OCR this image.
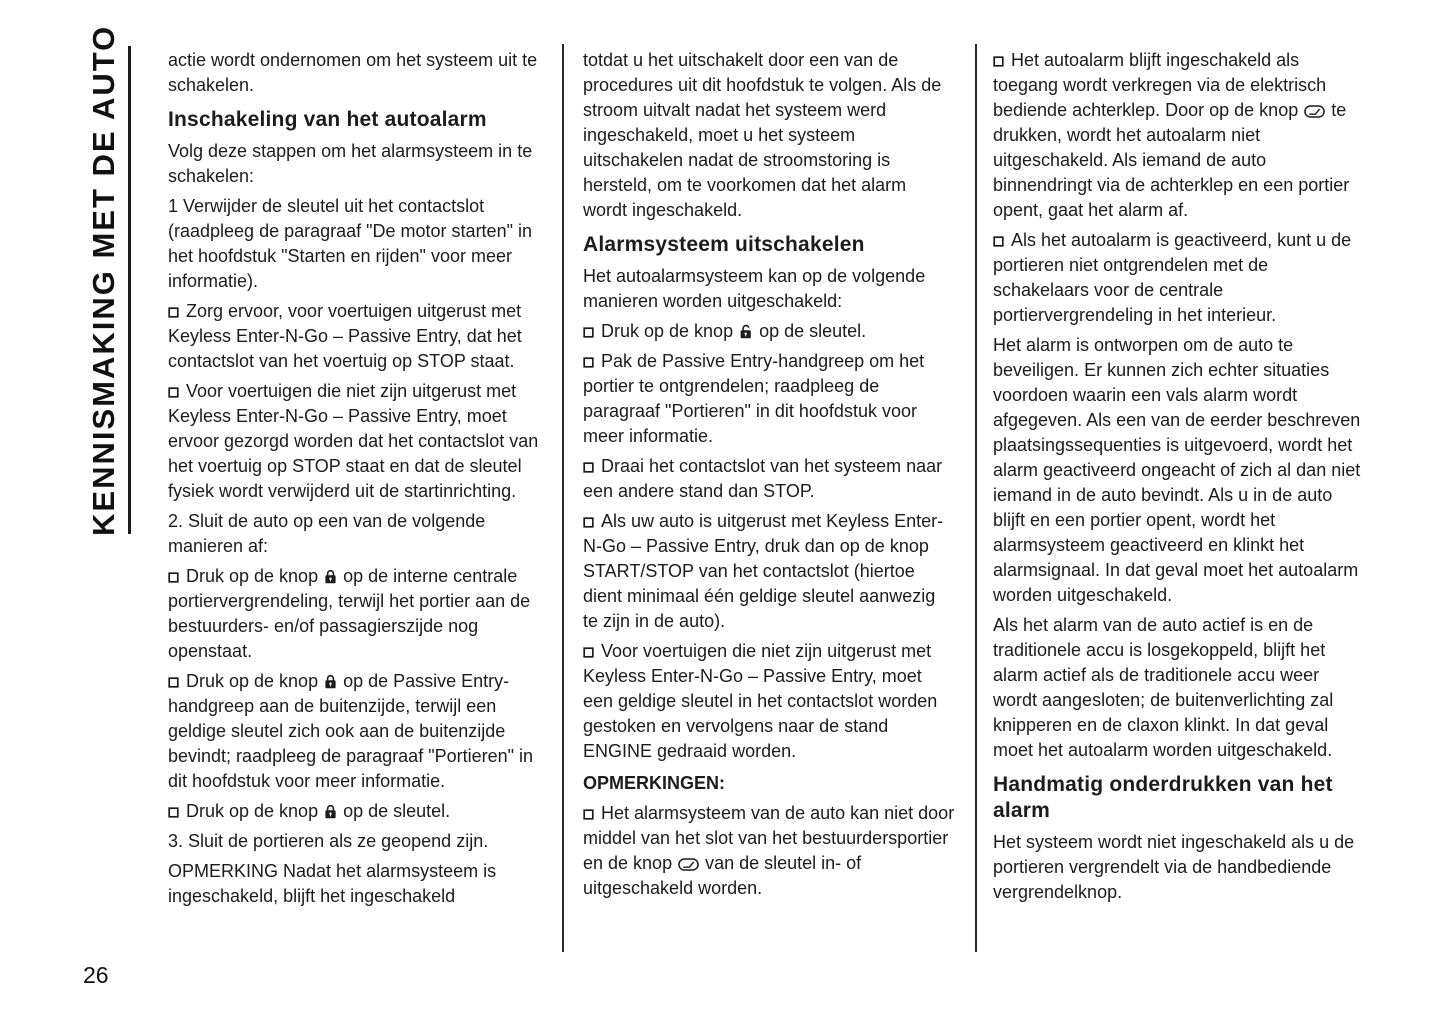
KENNISMAKING MET DE AUTO	actie wordt ondernomen om het systeem uit te schakelen.

Inschakeling van het autoalarm

Volg deze stappen om het alarmsysteem in te schakelen:

1 Verwijder de sleutel uit het contactslot (raadpleeg de paragraaf "De motor starten" in het hoofdstuk "Starten en rijden" voor meer informatie).

Zorg ervoor, voor voertuigen uitgerust met Keyless Enter-N-Go – Passive Entry, dat het contactslot van het voertuig op STOP staat.

Voor voertuigen die niet zijn uitgerust met Keyless Enter-N-Go – Passive Entry, moet ervoor gezorgd worden dat het contactslot van het voertuig op STOP staat en dat de sleutel fysiek wordt verwijderd uit de startinrichting.

2. Sluit de auto op een van de volgende manieren af:

Druk op de knop  op de interne centrale portiervergrendeling, terwijl het portier aan de bestuurders- en/of passagierszijde nog openstaat.

Druk op de knop  op de Passive Entry-handgreep aan de buitenzijde, terwijl een geldige sleutel zich ook aan de buitenzijde bevindt; raadpleeg de paragraaf "Portieren" in dit hoofdstuk voor meer informatie.

Druk op de knop  op de sleutel.

3. Sluit de portieren als ze geopend zijn.

OPMERKING Nadat het alarmsysteem is ingeschakeld, blijft het ingeschakeld

totdat u het uitschakelt door een van de procedures uit dit hoofdstuk te volgen. Als de stroom uitvalt nadat het systeem werd ingeschakeld, moet u het systeem uitschakelen nadat de stroomstoring is hersteld, om te voorkomen dat het alarm wordt ingeschakeld.

Alarmsysteem uitschakelen

Het autoalarmsysteem kan op de volgende manieren worden uitgeschakeld:

Druk op de knop  op de sleutel.

Pak de Passive Entry-handgreep om het portier te ontgrendelen; raadpleeg de paragraaf "Portieren" in dit hoofdstuk voor meer informatie.

Draai het contactslot van het systeem naar een andere stand dan STOP.

Als uw auto is uitgerust met Keyless Enter-N-Go – Passive Entry, druk dan op de knop START/STOP van het contactslot (hiertoe dient minimaal één geldige sleutel aanwezig te zijn in de auto).

Voor voertuigen die niet zijn uitgerust met Keyless Enter-N-Go – Passive Entry, moet een geldige sleutel in het contactslot worden gestoken en vervolgens naar de stand ENGINE gedraaid worden.

OPMERKINGEN:

Het alarmsysteem van de auto kan niet door middel van het slot van het bestuurdersportier en de knop  van de sleutel in- of uitgeschakeld worden.

Het autoalarm blijft ingeschakeld als toegang wordt verkregen via de elektrisch bediende achterklep. Door op de knop  te drukken, wordt het autoalarm niet uitgeschakeld. Als iemand de auto binnendringt via de achterklep en een portier opent, gaat het alarm af.

Als het autoalarm is geactiveerd, kunt u de portieren niet ontgrendelen met de schakelaars voor de centrale portiervergrendeling in het interieur.

Het alarm is ontworpen om de auto te beveiligen. Er kunnen zich echter situaties voordoen waarin een vals alarm wordt afgegeven. Als een van de eerder beschreven plaatsingssequenties is uitgevoerd, wordt het alarm geactiveerd ongeacht of zich al dan niet iemand in de auto bevindt. Als u in de auto blijft en een portier opent, wordt het alarmsysteem geactiveerd en klinkt het alarmsignaal. In dat geval moet het autoalarm worden uitgeschakeld.

Als het alarm van de auto actief is en de traditionele accu is losgekoppeld, blijft het alarm actief als de traditionele accu weer wordt aangesloten; de buitenverlichting zal knipperen en de claxon klinkt. In dat geval moet het autoalarm worden uitgeschakeld.

Handmatig onderdrukken van het alarm

Het systeem wordt niet ingeschakeld als u de portieren vergrendelt via de handbediende vergrendelknop.

26
